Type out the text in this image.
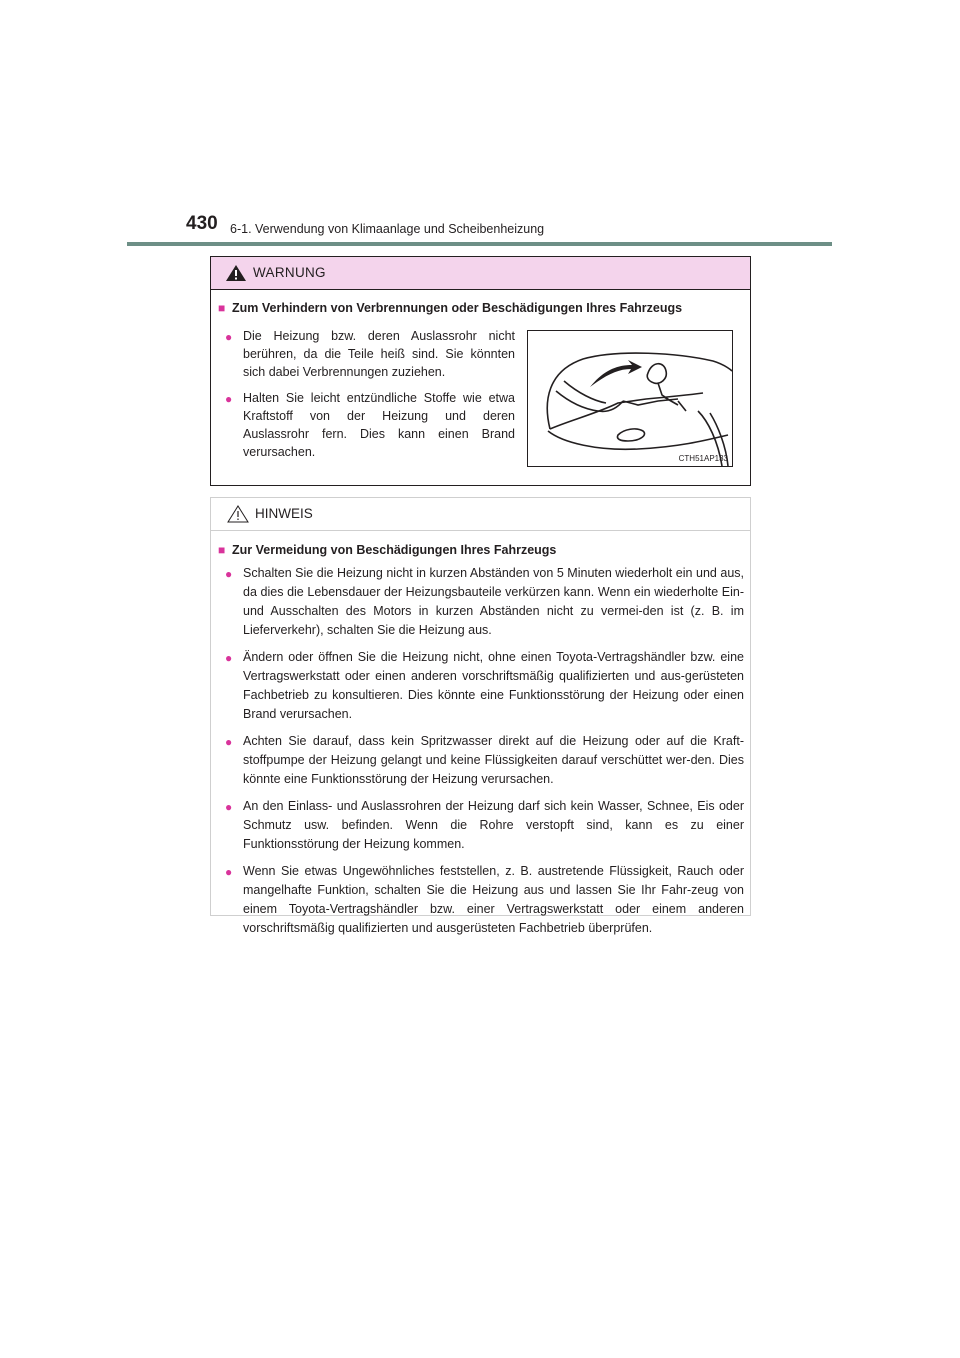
430 6-1. Verwendung von Klimaanlage und Scheibenheizung
WARNUNG
■ Zum Verhindern von Verbrennungen oder Beschädigungen Ihres Fahrzeugs
● Die Heizung bzw. deren Auslassrohr nicht berühren, da die Teile heiß sind. Sie könnten sich dabei Verbrennungen zuziehen.
● Halten Sie leicht entzündliche Stoffe wie etwa Kraftstoff von der Heizung und deren Auslassrohr fern. Dies kann einen Brand verursachen.	CTH51AP133
HINWEIS
■ Zur Vermeidung von Beschädigungen Ihres Fahrzeugs
● Schalten Sie die Heizung nicht in kurzen Abständen von 5 Minuten wiederholt ein und aus, da dies die Lebensdauer der Heizungsbauteile verkürzen kann. Wenn ein wiederholte Ein- und Ausschalten des Motors in kurzen Abständen nicht zu vermei-den ist (z. B. im Lieferverkehr), schalten Sie die Heizung aus.
● Ändern oder öffnen Sie die Heizung nicht, ohne einen Toyota-Vertragshändler bzw. eine Vertragswerkstatt oder einen anderen vorschriftsmäßig qualifizierten und aus-gerüsteten Fachbetrieb zu konsultieren. Dies könnte eine Funktionsstörung der Heizung oder einen Brand verursachen.
● Achten Sie darauf, dass kein Spritzwasser direkt auf die Heizung oder auf die Kraft-stoffpumpe der Heizung gelangt und keine Flüssigkeiten darauf verschüttet wer-den. Dies könnte eine Funktionsstörung der Heizung verursachen.
● An den Einlass- und Auslassrohren der Heizung darf sich kein Wasser, Schnee, Eis oder Schmutz usw. befinden. Wenn die Rohre verstopft sind, kann es zu einer Funktionsstörung der Heizung kommen.
● Wenn Sie etwas Ungewöhnliches feststellen, z. B. austretende Flüssigkeit, Rauch oder mangelhafte Funktion, schalten Sie die Heizung aus und lassen Sie Ihr Fahr-zeug von einem Toyota-Vertragshändler bzw. einer Vertragswerkstatt oder einem anderen vorschriftsmäßig qualifizierten und ausgerüsteten Fachbetrieb überprüfen.
